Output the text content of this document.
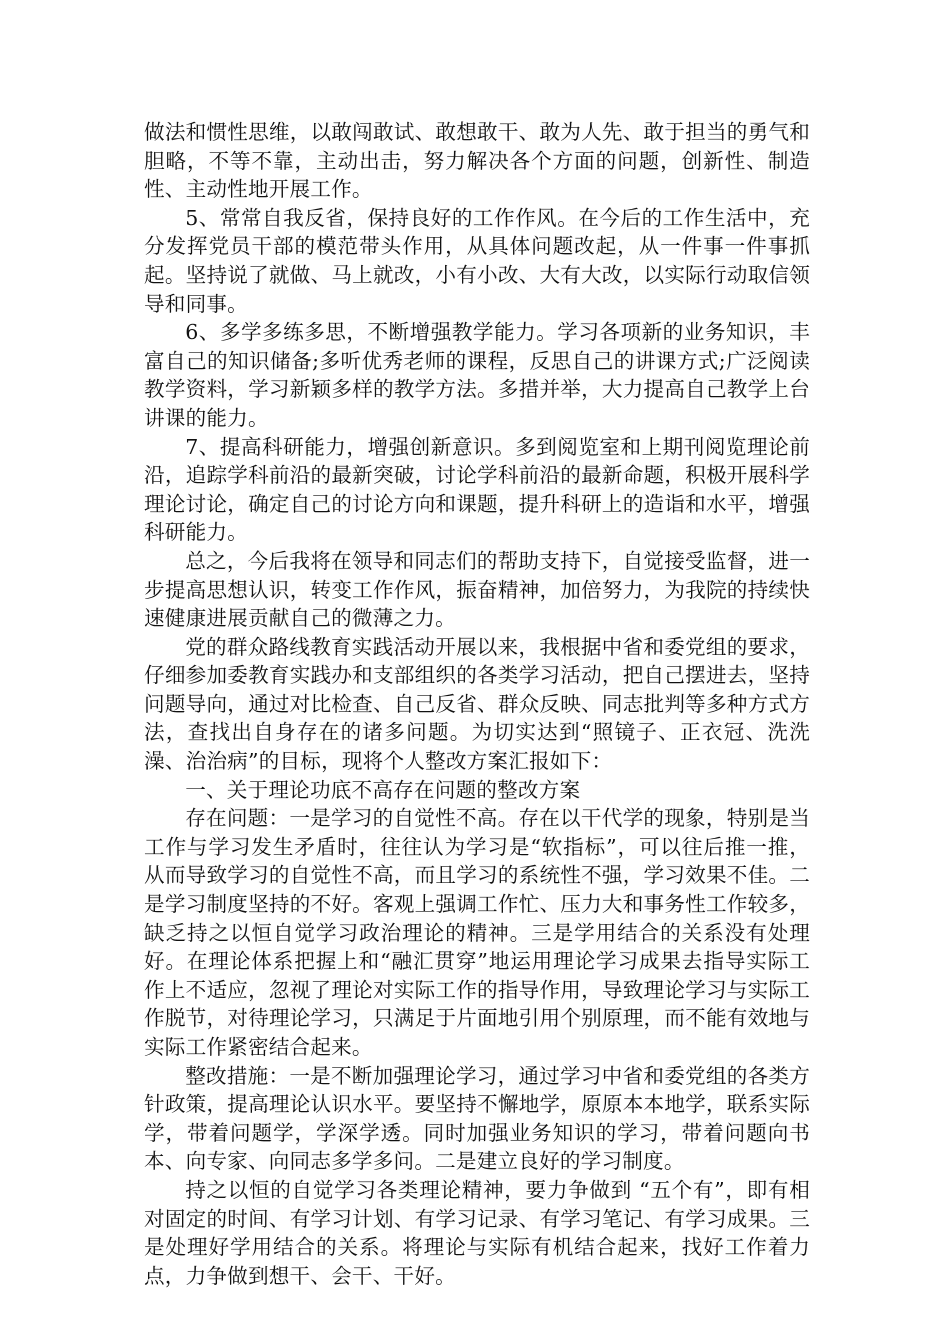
做法和惯性思维，以敢闯敢试、敢想敢干、敢为人先、敢于担当的勇气和胆略，不等不靠，主动出击，努力解决各个方面的问题，创新性、制造性、主动性地开展工作。

5、常常自我反省，保持良好的工作作风。在今后的工作生活中，充分发挥党员干部的模范带头作用，从具体问题改起，从一件事一件事抓起。坚持说了就做、马上就改，小有小改、大有大改，以实际行动取信领导和同事。

6、多学多练多思，不断增强教学能力。学习各项新的业务知识，丰富自己的知识储备;多听优秀老师的课程，反思自己的讲课方式;广泛阅读教学资料，学习新颖多样的教学方法。多措并举，大力提高自己教学上台讲课的能力。

7、提高科研能力，增强创新意识。多到阅览室和上期刊阅览理论前沿，追踪学科前沿的最新突破，讨论学科前沿的最新命题，积极开展科学理论讨论，确定自己的讨论方向和课题，提升科研上的造诣和水平，增强科研能力。

总之，今后我将在领导和同志们的帮助支持下，自觉接受监督，进一步提高思想认识，转变工作作风，振奋精神，加倍努力，为我院的持续快速健康进展贡献自己的微薄之力。

党的群众路线教育实践活动开展以来，我根据中省和委党组的要求，仔细参加委教育实践办和支部组织的各类学习活动，把自己摆进去，坚持问题导向，通过对比检查、自己反省、群众反映、同志批判等多种方式方法，查找出自身存在的诸多问题。为切实达到“照镜子、正衣冠、洗洗澡、治治病”的目标，现将个人整改方案汇报如下：

一、关于理论功底不高存在问题的整改方案

存在问题：一是学习的自觉性不高。存在以干代学的现象，特别是当工作与学习发生矛盾时，往往认为学习是“软指标”，可以往后推一推，从而导致学习的自觉性不高，而且学习的系统性不强，学习效果不佳。二是学习制度坚持的不好。客观上强调工作忙、压力大和事务性工作较多，缺乏持之以恒自觉学习政治理论的精神。三是学用结合的关系没有处理好。在理论体系把握上和“融汇贯穿”地运用理论学习成果去指导实际工作上不适应，忽视了理论对实际工作的指导作用，导致理论学习与实际工作脱节，对待理论学习，只满足于片面地引用个别原理，而不能有效地与实际工作紧密结合起来。

整改措施：一是不断加强理论学习，通过学习中省和委党组的各类方针政策，提高理论认识水平。要坚持不懈地学，原原本本地学，联系实际学，带着问题学，学深学透。同时加强业务知识的学习，带着问题向书本、向专家、向同志多学多问。二是建立良好的学习制度。

持之以恒的自觉学习各类理论精神，要力争做到 “五个有”，即有相对固定的时间、有学习计划、有学习记录、有学习笔记、有学习成果。三是处理好学用结合的关系。将理论与实际有机结合起来，找好工作着力点，力争做到想干、会干、干好。
